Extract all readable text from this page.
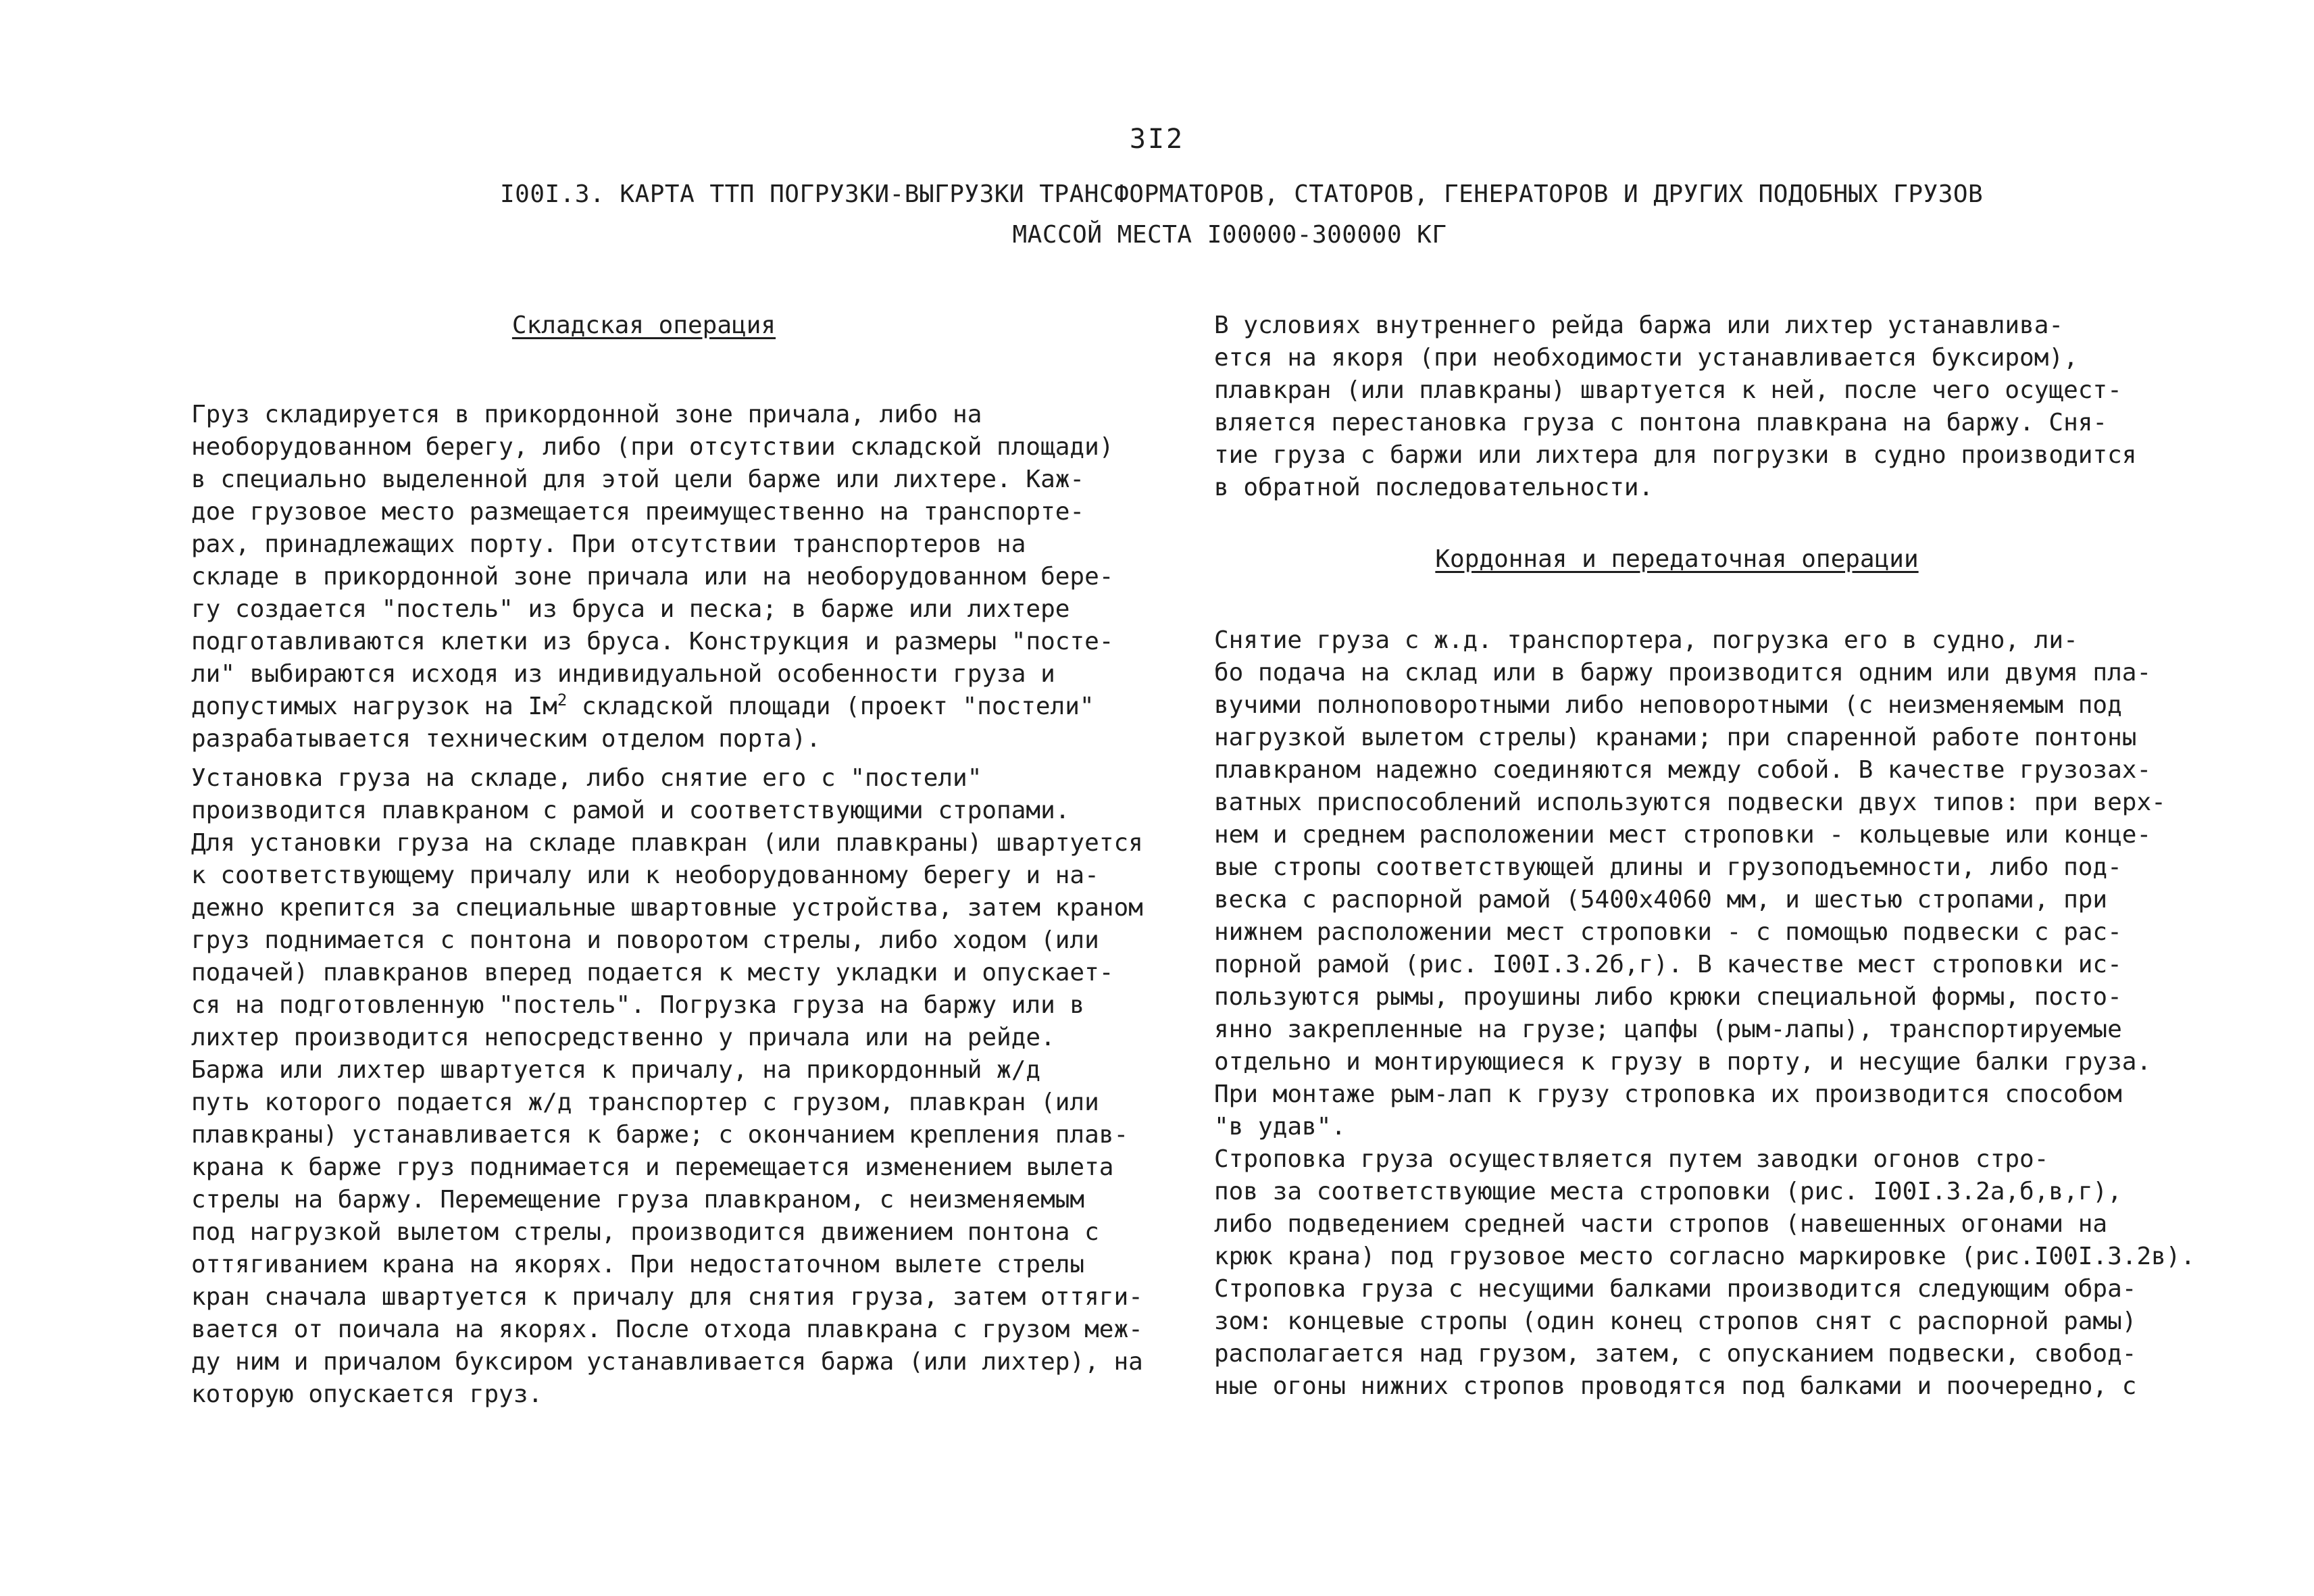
3I2
I00I.3. КАРТА ТТП ПОГРУЗКИ-ВЫГРУЗКИ ТРАНСФОРМАТОРОВ, СТАТОРОВ, ГЕНЕРАТОРОВ И ДРУГИХ ПОДОБНЫХ ГРУЗОВ
МАССОЙ МЕСТА I00000-300000 КГ
Складская операция
Груз складируется в прикордонной зоне причала, либо на
необорудованном берегу, либо (при отсутствии складской площади)
в специально выделенной для этой цели барже или лихтере. Каж-
дое грузовое место размещается преимущественно на транспорте-
рах, принадлежащих порту. При отсутствии транспортеров на
складе в прикордонной зоне причала или на необорудованном бере-
гу создается "постель" из бруса и песка; в барже или лихтере
подготавливаются клетки из бруса. Конструкция и размеры "посте-
ли" выбираются исходя из индивидуальной особенности груза и
допустимых нагрузок на $Iм^2$ складской площади (проект "постели"
разрабатывается техническим отделом порта).
Установка груза на складе, либо снятие его с "постели"
производится плавкраном с рамой и соответствующими стропами.
Для установки груза на складе плавкран (или плавкраны) швартуется
к соответствующему причалу или к необорудованному берегу и на-
дежно крепится за специальные швартовные устройства, затем краном
груз поднимается с понтона и поворотом стрелы, либо ходом (или
подачей) плавкранов вперед подается к месту укладки и опускает-
ся на подготовленную "постель". Погрузка груза на баржу или в
лихтер производится непосредственно у причала или на рейде.
Баржа или лихтер швартуется к причалу, на прикордонный ж/д
путь которого подается ж/д транспортер с грузом, плавкран (или
плавкраны) устанавливается к барже; с окончанием крепления плав-
крана к барже груз поднимается и перемещается изменением вылета
стрелы на баржу. Перемещение груза плавкраном, с неизменяемым
под нагрузкой вылетом стрелы, производится движением понтона с
оттягиванием крана на якорях. При недостаточном вылете стрелы
кран сначала швартуется к причалу для снятия груза, затем оттяги-
вается от поичала на якорях. После отхода плавкрана с грузом меж-
ду ним и причалом буксиром устанавливается баржа (или лихтер), на
которую опускается груз.
В условиях внутреннего рейда баржа или лихтер устанавлива-
ется на якоря (при необходимости устанавливается буксиром),
плавкран (или плавкраны) швартуется к ней, после чего осущест-
вляется перестановка груза с понтона плавкрана на баржу. Сня-
тие груза с баржи или лихтера для погрузки в судно производится
в обратной последовательности.
Кордонная и передаточная операции
Снятие груза с ж.д. транспортера, погрузка его в судно, ли-
бо подача на склад или в баржу производится одним или двумя пла-
вучими полноповоротными либо неповоротными (с неизменяемым под
нагрузкой вылетом стрелы) кранами; при спаренной работе понтоны
плавкраном надежно соединяются между собой. В качестве грузозах-
ватных приспособлений используются подвески двух типов: при верх-
нем и среднем расположении мест строповки - кольцевые или конце-
вые стропы соответствующей длины и грузоподъемности, либо под-
веска с распорной рамой (5400х4060 мм, и шестью стропами, при
нижнем расположении мест строповки - с помощью подвески с рас-
порной рамой (рис. I00I.3.2б,г). В качестве мест строповки ис-
пользуются рымы, проушины либо крюки специальной формы, посто-
янно закрепленные на грузе; цапфы (рым-лапы), транспортируемые
отдельно и монтирующиеся к грузу в порту, и несущие балки груза.
При монтаже рым-лап к грузу строповка их производится способом
"в удав".
Строповка груза осуществляется путем заводки огонов стро-
пов за соответствующие места строповки (рис. I00I.3.2а,б,в,г),
либо подведением средней части стропов (навешенных огонами на
крюк крана) под грузовое место согласно маркировке (рис.I00I.3.2в).
Строповка груза с несущими балками производится следующим обра-
зом: концевые стропы (один конец стропов снят с распорной рамы)
располагается над грузом, затем, с опусканием подвески, свобод-
ные огоны нижних стропов проводятся под балками и поочередно, с
